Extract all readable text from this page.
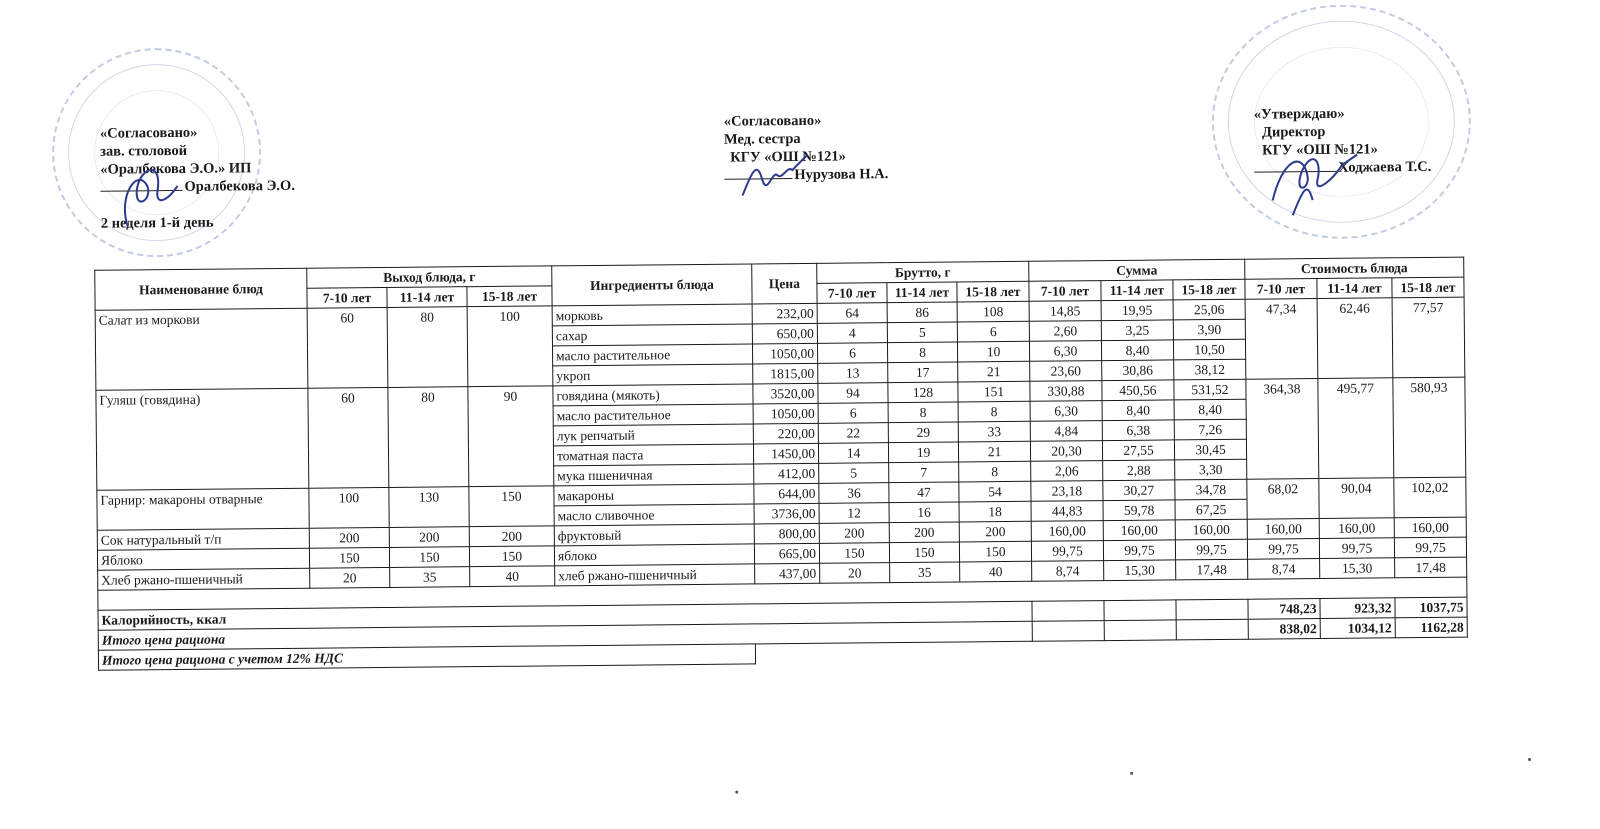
«Согласовано»
зав. столовой
«Оралбекова Э.О.» ИП
Оралбекова Э.О.
2 неделя 1-й день
«Согласовано»
Мед. сестра
КГУ «ОШ №121»
Нурузова Н.А.
«Утверждаю»
Директор
КГУ «ОШ №121»
Ходжаева Т.С.
Наименование блюд	Выход блюда, г			Ингредиенты блюда	Цена	Брутто, г			Сумма			Стоимость блюда		
	7-10 лет	11-14 лет	15-18 лет			7-10 лет	11-14 лет	15-18 лет	7-10 лет	11-14 лет	15-18 лет	7-10 лет	11-14 лет	15-18 лет
Салат из моркови	60	80	100	морковь	232,00	64	86	108	14,85	19,95	25,06	47,34	62,46	77,57
				сахар	650,00	4	5	6	2,60	3,25	3,90			
				масло растительное	1050,00	6	8	10	6,30	8,40	10,50			
				укроп	1815,00	13	17	21	23,60	30,86	38,12			
Гуляш (говядина)	60	80	90	говядина (мякоть)	3520,00	94	128	151	330,88	450,56	531,52	364,38	495,77	580,93
				масло растительное	1050,00	6	8	8	6,30	8,40	8,40			
				лук репчатый	220,00	22	29	33	4,84	6,38	7,26			
				томатная паста	1450,00	14	19	21	20,30	27,55	30,45			
				мука пшеничная	412,00	5	7	8	2,06	2,88	3,30			
Гарнир: макароны отварные	100	130	150	макароны	644,00	36	47	54	23,18	30,27	34,78	68,02	90,04	102,02
				масло сливочное	3736,00	12	16	18	44,83	59,78	67,25			
Сок натуральный т/п	200	200	200	фруктовый	800,00	200	200	200	160,00	160,00	160,00	160,00	160,00	160,00
Яблоко	150	150	150	яблоко	665,00	150	150	150	99,75	99,75	99,75	99,75	99,75	99,75
Хлеб ржано-пшеничный	20	35	40	хлеб ржано-пшеничный	437,00	20	35	40	8,74	15,30	17,48	8,74	15,30	17,48

Калорийность, ккал												748,23	923,32	1037,75
Итого цена рациона												838,02	1034,12	1162,28
Итого цена рациона с учетом 12% НДС														
